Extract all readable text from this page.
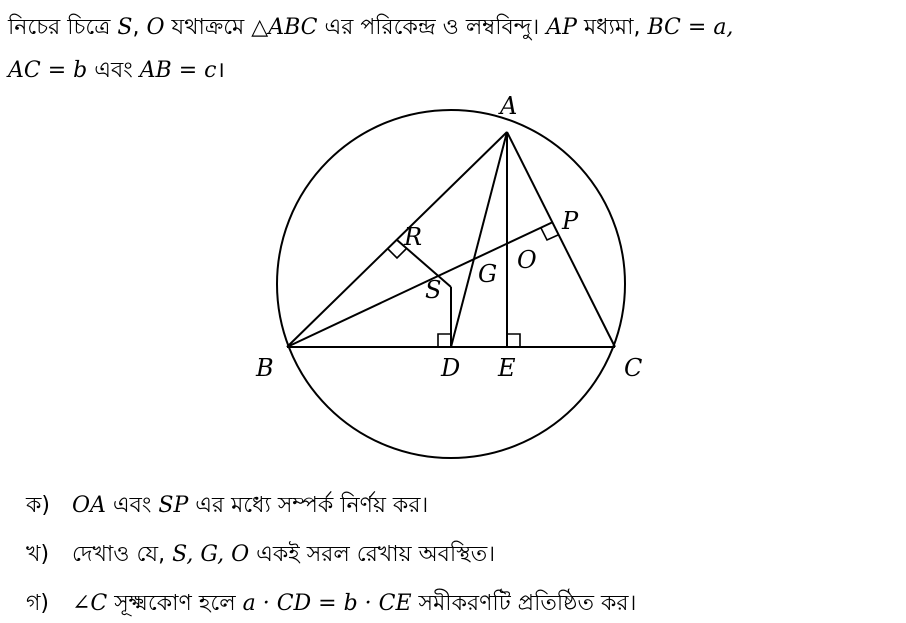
নিচের চিত্রে S, O যথাক্রমে △ABC এর পরিকেন্দ্র ও লম্ববিন্দু। AP মধ্যমা, BC = a,
AC = b এবং AB = c।
A
B	C
D E
P
R
S
G O
ক) OA এবং SP এর মধ্যে সম্পর্ক নির্ণয় কর।
খ) দেখাও যে, S, G, O একই সরল রেখায় অবস্থিত।
গ) ∠C সূক্ষ্মকোণ হলে a · CD = b · CE সমীকরণটি প্রতিষ্ঠিত কর।
